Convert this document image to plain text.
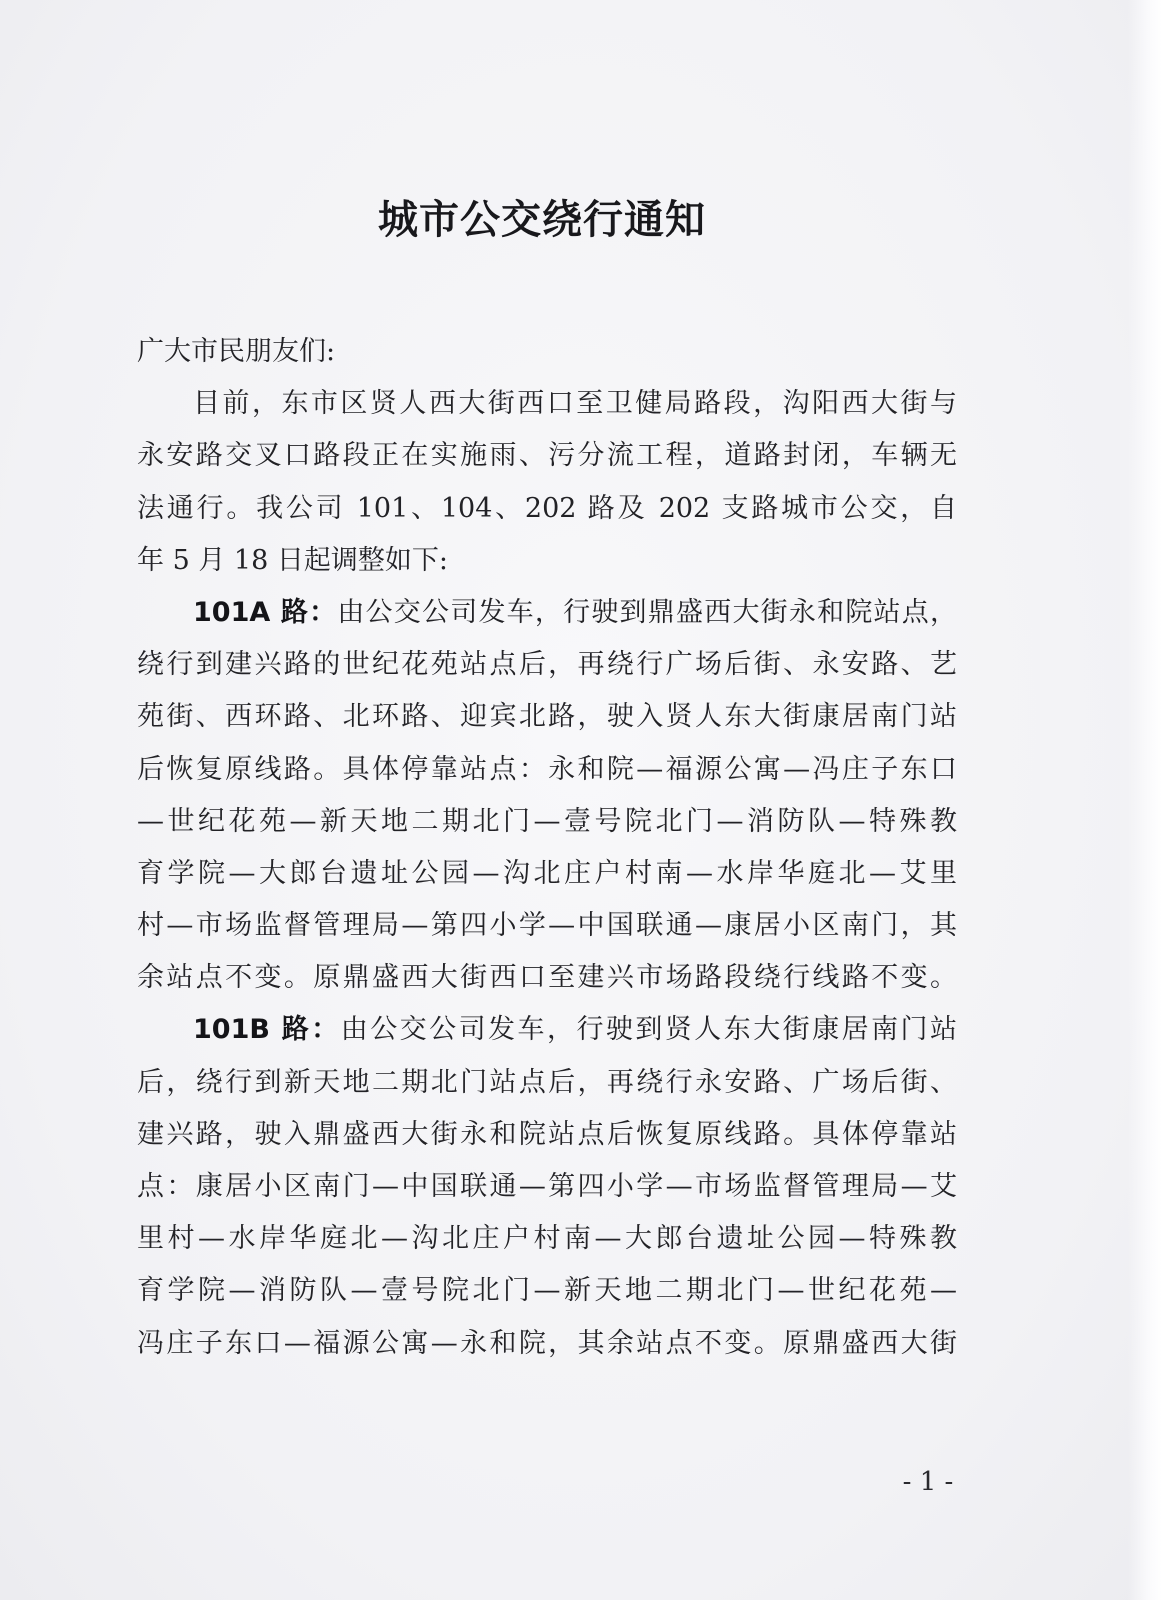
城市公交绕行通知
广大市民朋友们:
目前，东市区贤人西大街西口至卫健局路段，沟阳西大街与
永安路交叉口路段正在实施雨、污分流工程，道路封闭，车辆无
法通行。我公司 101、104、202 路及 202 支路城市公交，自
年 5 月 18 日起调整如下:
101A 路：由公交公司发车，行驶到鼎盛西大街永和院站点，
绕行到建兴路的世纪花苑站点后，再绕行广场后街、永安路、艺
苑街、西环路、北环路、迎宾北路，驶入贤人东大街康居南门站
后恢复原线路。具体停靠站点：永和院—福源公寓—冯庄子东口
—世纪花苑—新天地二期北门—壹号院北门—消防队—特殊教
育学院—大郎台遗址公园—沟北庄户村南—水岸华庭北—艾里
村—市场监督管理局—第四小学—中国联通—康居小区南门，其
余站点不变。原鼎盛西大街西口至建兴市场路段绕行线路不变。
101B 路：由公交公司发车，行驶到贤人东大街康居南门站
后，绕行到新天地二期北门站点后，再绕行永安路、广场后街、
建兴路，驶入鼎盛西大街永和院站点后恢复原线路。具体停靠站
点：康居小区南门—中国联通—第四小学—市场监督管理局—艾
里村—水岸华庭北—沟北庄户村南—大郎台遗址公园—特殊教
育学院—消防队—壹号院北门—新天地二期北门—世纪花苑—
冯庄子东口—福源公寓—永和院，其余站点不变。原鼎盛西大街
- 1 -
